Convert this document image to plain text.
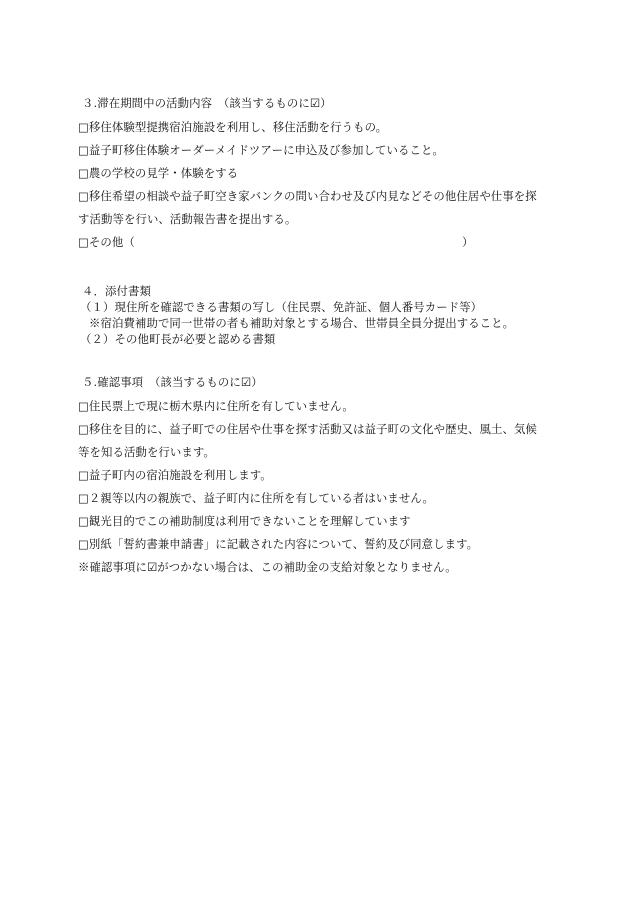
３.滞在期間中の活動内容　（該当するものに☑）
□移住体験型提携宿泊施設を利用し、移住活動を行うもの。
□益子町移住体験オーダーメイドツアーに申込及び参加していること。
□農の学校の見学・体験をする
□移住希望の相談や益子町空き家バンクの問い合わせ及び内見などその他住居や仕事を探
す活動等を行い、活動報告書を提出する。
□その他（	）
４．添付書類
（１）現住所を確認できる書類の写し（住民票、免許証、個人番号カード等）
※宿泊費補助で同一世帯の者も補助対象とする場合、世帯員全員分提出すること。
（２）その他町長が必要と認める書類
５.確認事項　（該当するものに☑）
□住民票上で現に栃木県内に住所を有していません。
□移住を目的に、益子町での住居や仕事を探す活動又は益子町の文化や歴史、風土、気候
等を知る活動を行います。
□益子町内の宿泊施設を利用します。
□２親等以内の親族で、益子町内に住所を有している者はいません。
□観光目的でこの補助制度は利用できないことを理解しています
□別紙「誓約書兼申請書」に記載された内容について、誓約及び同意します。
※確認事項に☑がつかない場合は、この補助金の支給対象となりません。
